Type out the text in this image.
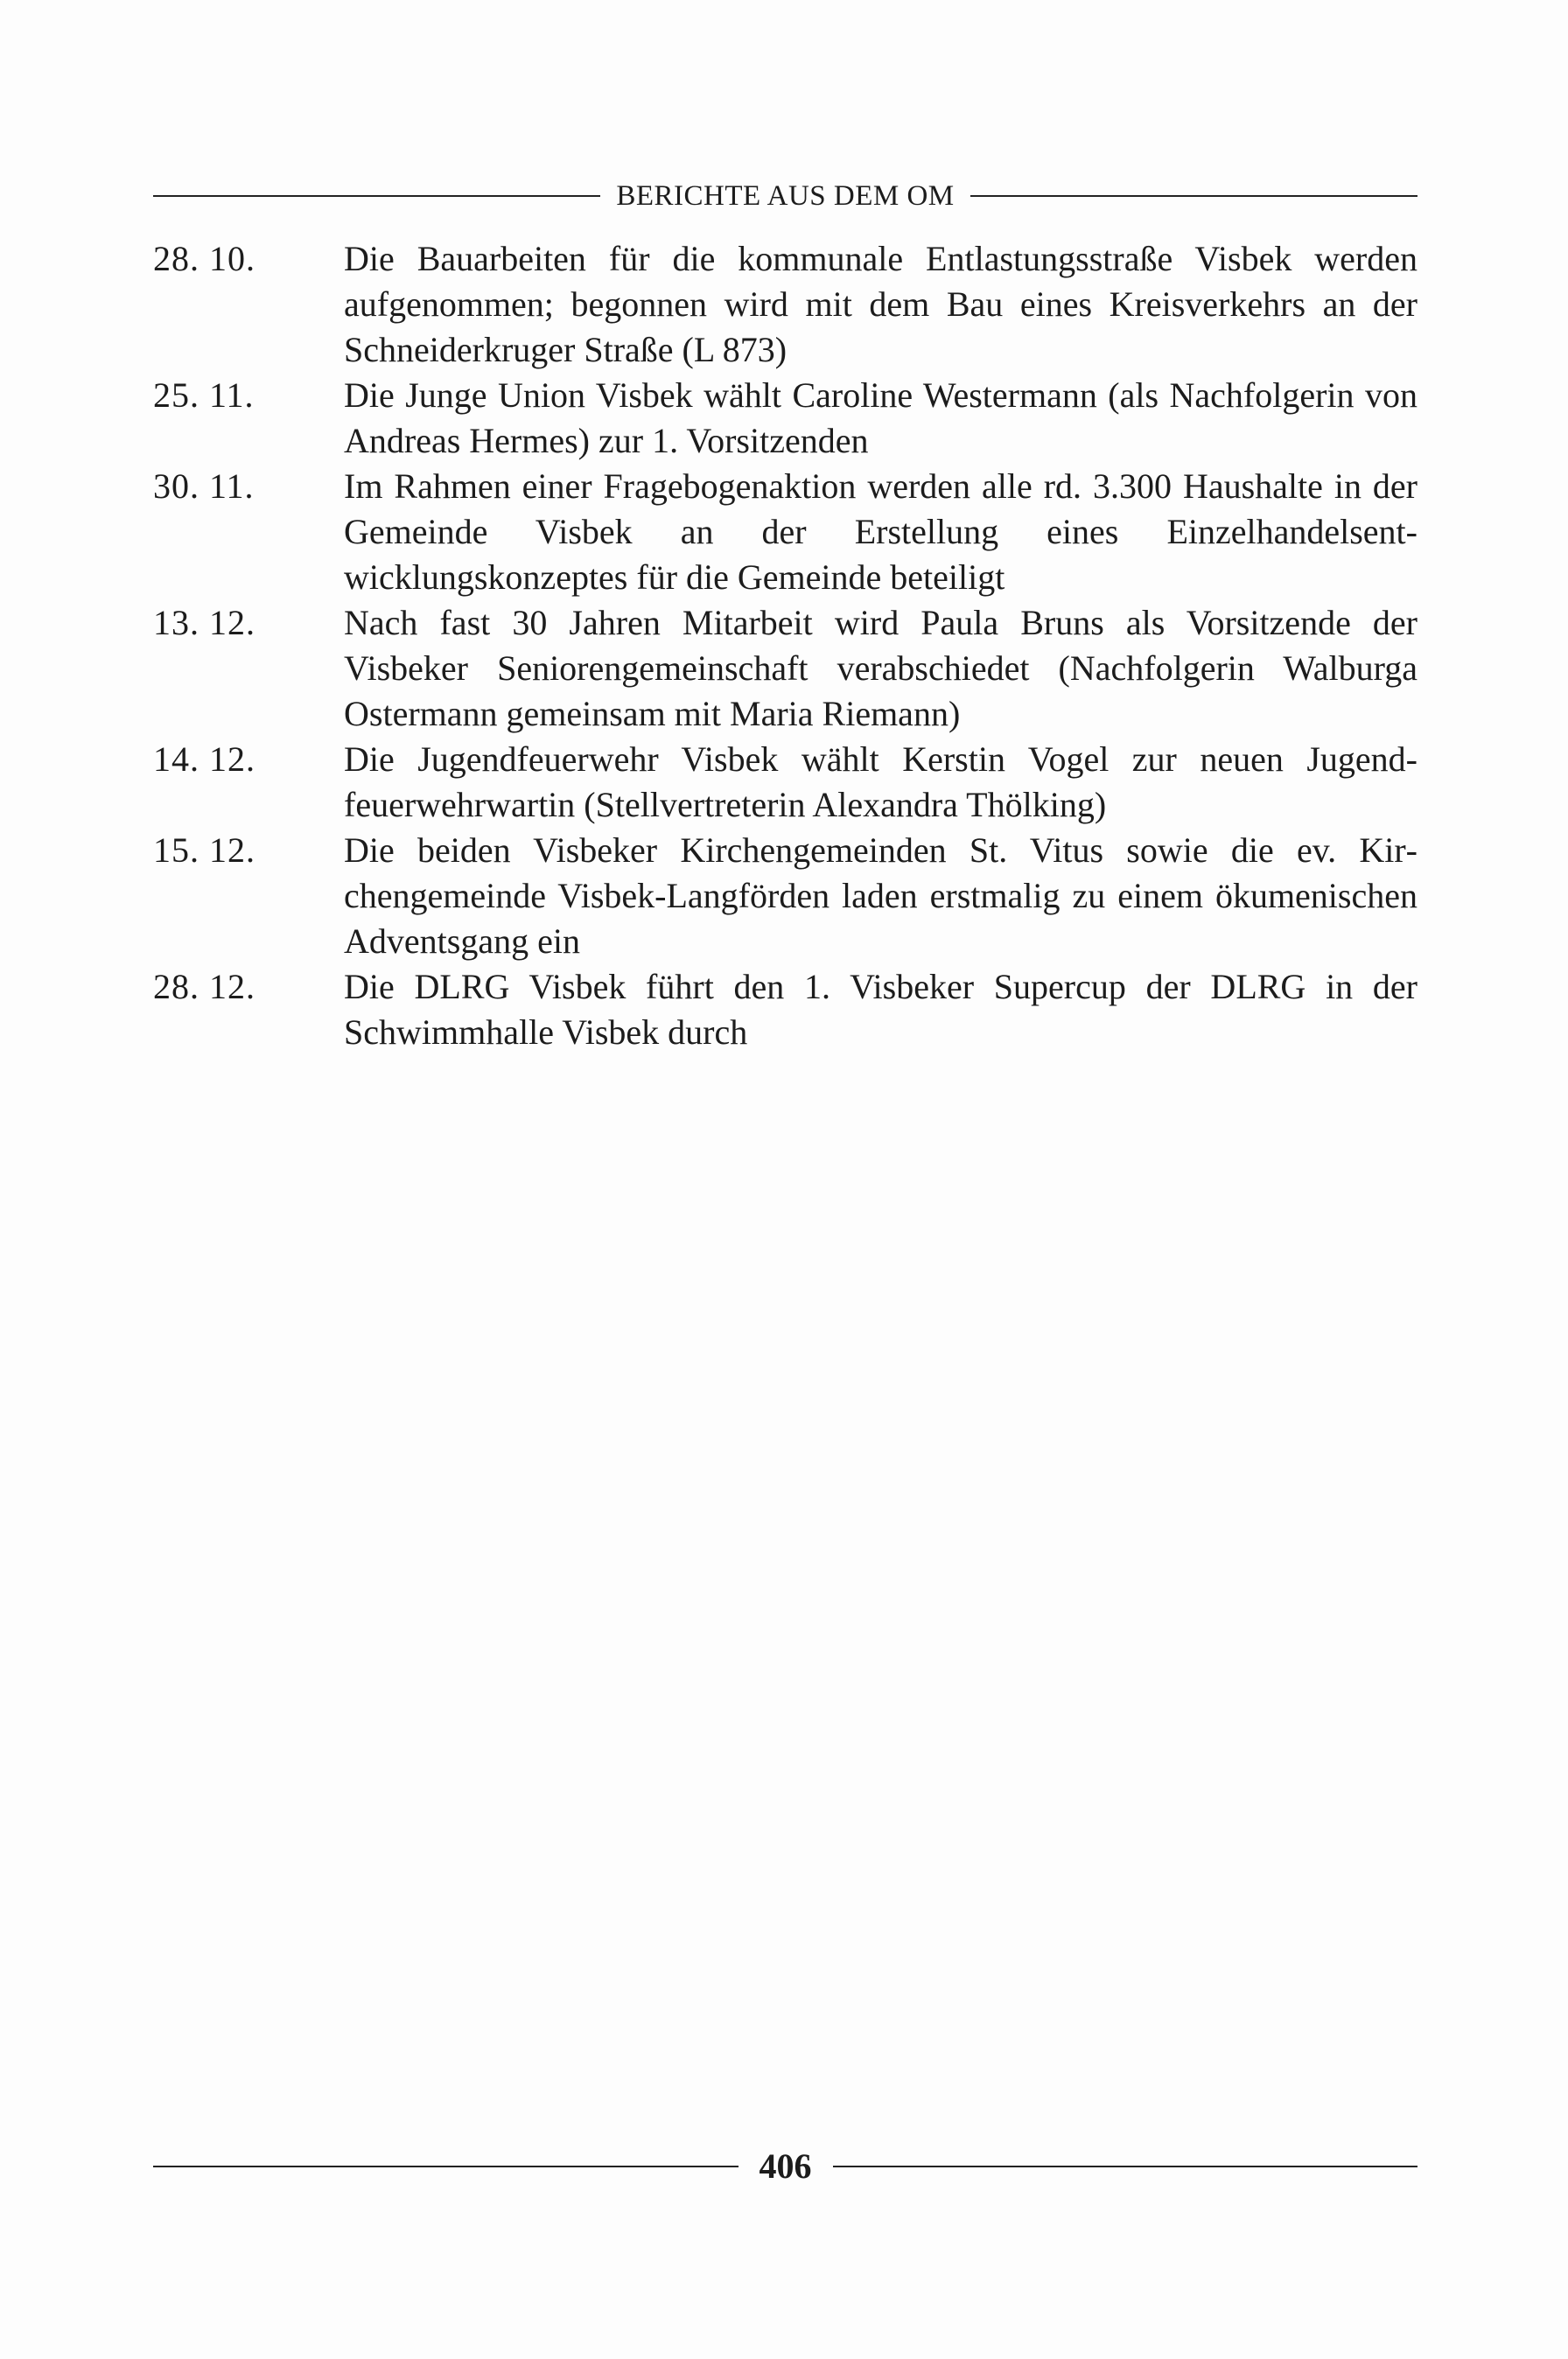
BERICHTE AUS DEM OM
28. 10.	Die Bauarbeiten für die kommunale Entlastungsstraße Visbek werden aufgenommen; begonnen wird mit dem Bau eines Kreisverkehrs an der Schneiderkruger Straße (L 873)
25. 11.	Die Junge Union Visbek wählt Caroline Westermann (als Nachfolgerin von Andreas Hermes) zur 1. Vorsitzenden
30. 11.	Im Rahmen einer Fragebogenaktion werden alle rd. 3.300 Haushalte in der Gemeinde Visbek an der Erstellung eines Einzelhandelsentwicklungskonzeptes für die Gemeinde beteiligt
13. 12.	Nach fast 30 Jahren Mitarbeit wird Paula Bruns als Vorsitzende der Visbeker Seniorengemeinschaft verabschiedet (Nachfolgerin Walburga Ostermann gemeinsam mit Maria Riemann)
14. 12.	Die Jugendfeuerwehr Visbek wählt Kerstin Vogel zur neuen Jugendfeuerwehrwartin (Stellvertreterin Alexandra Thölking)
15. 12.	Die beiden Visbeker Kirchengemeinden St. Vitus sowie die ev. Kirchengemeinde Visbek-Langförden laden erstmalig zu einem ökumenischen Adventsgang ein
28. 12.	Die DLRG Visbek führt den 1. Visbeker Supercup der DLRG in der Schwimmhalle Visbek durch
406
